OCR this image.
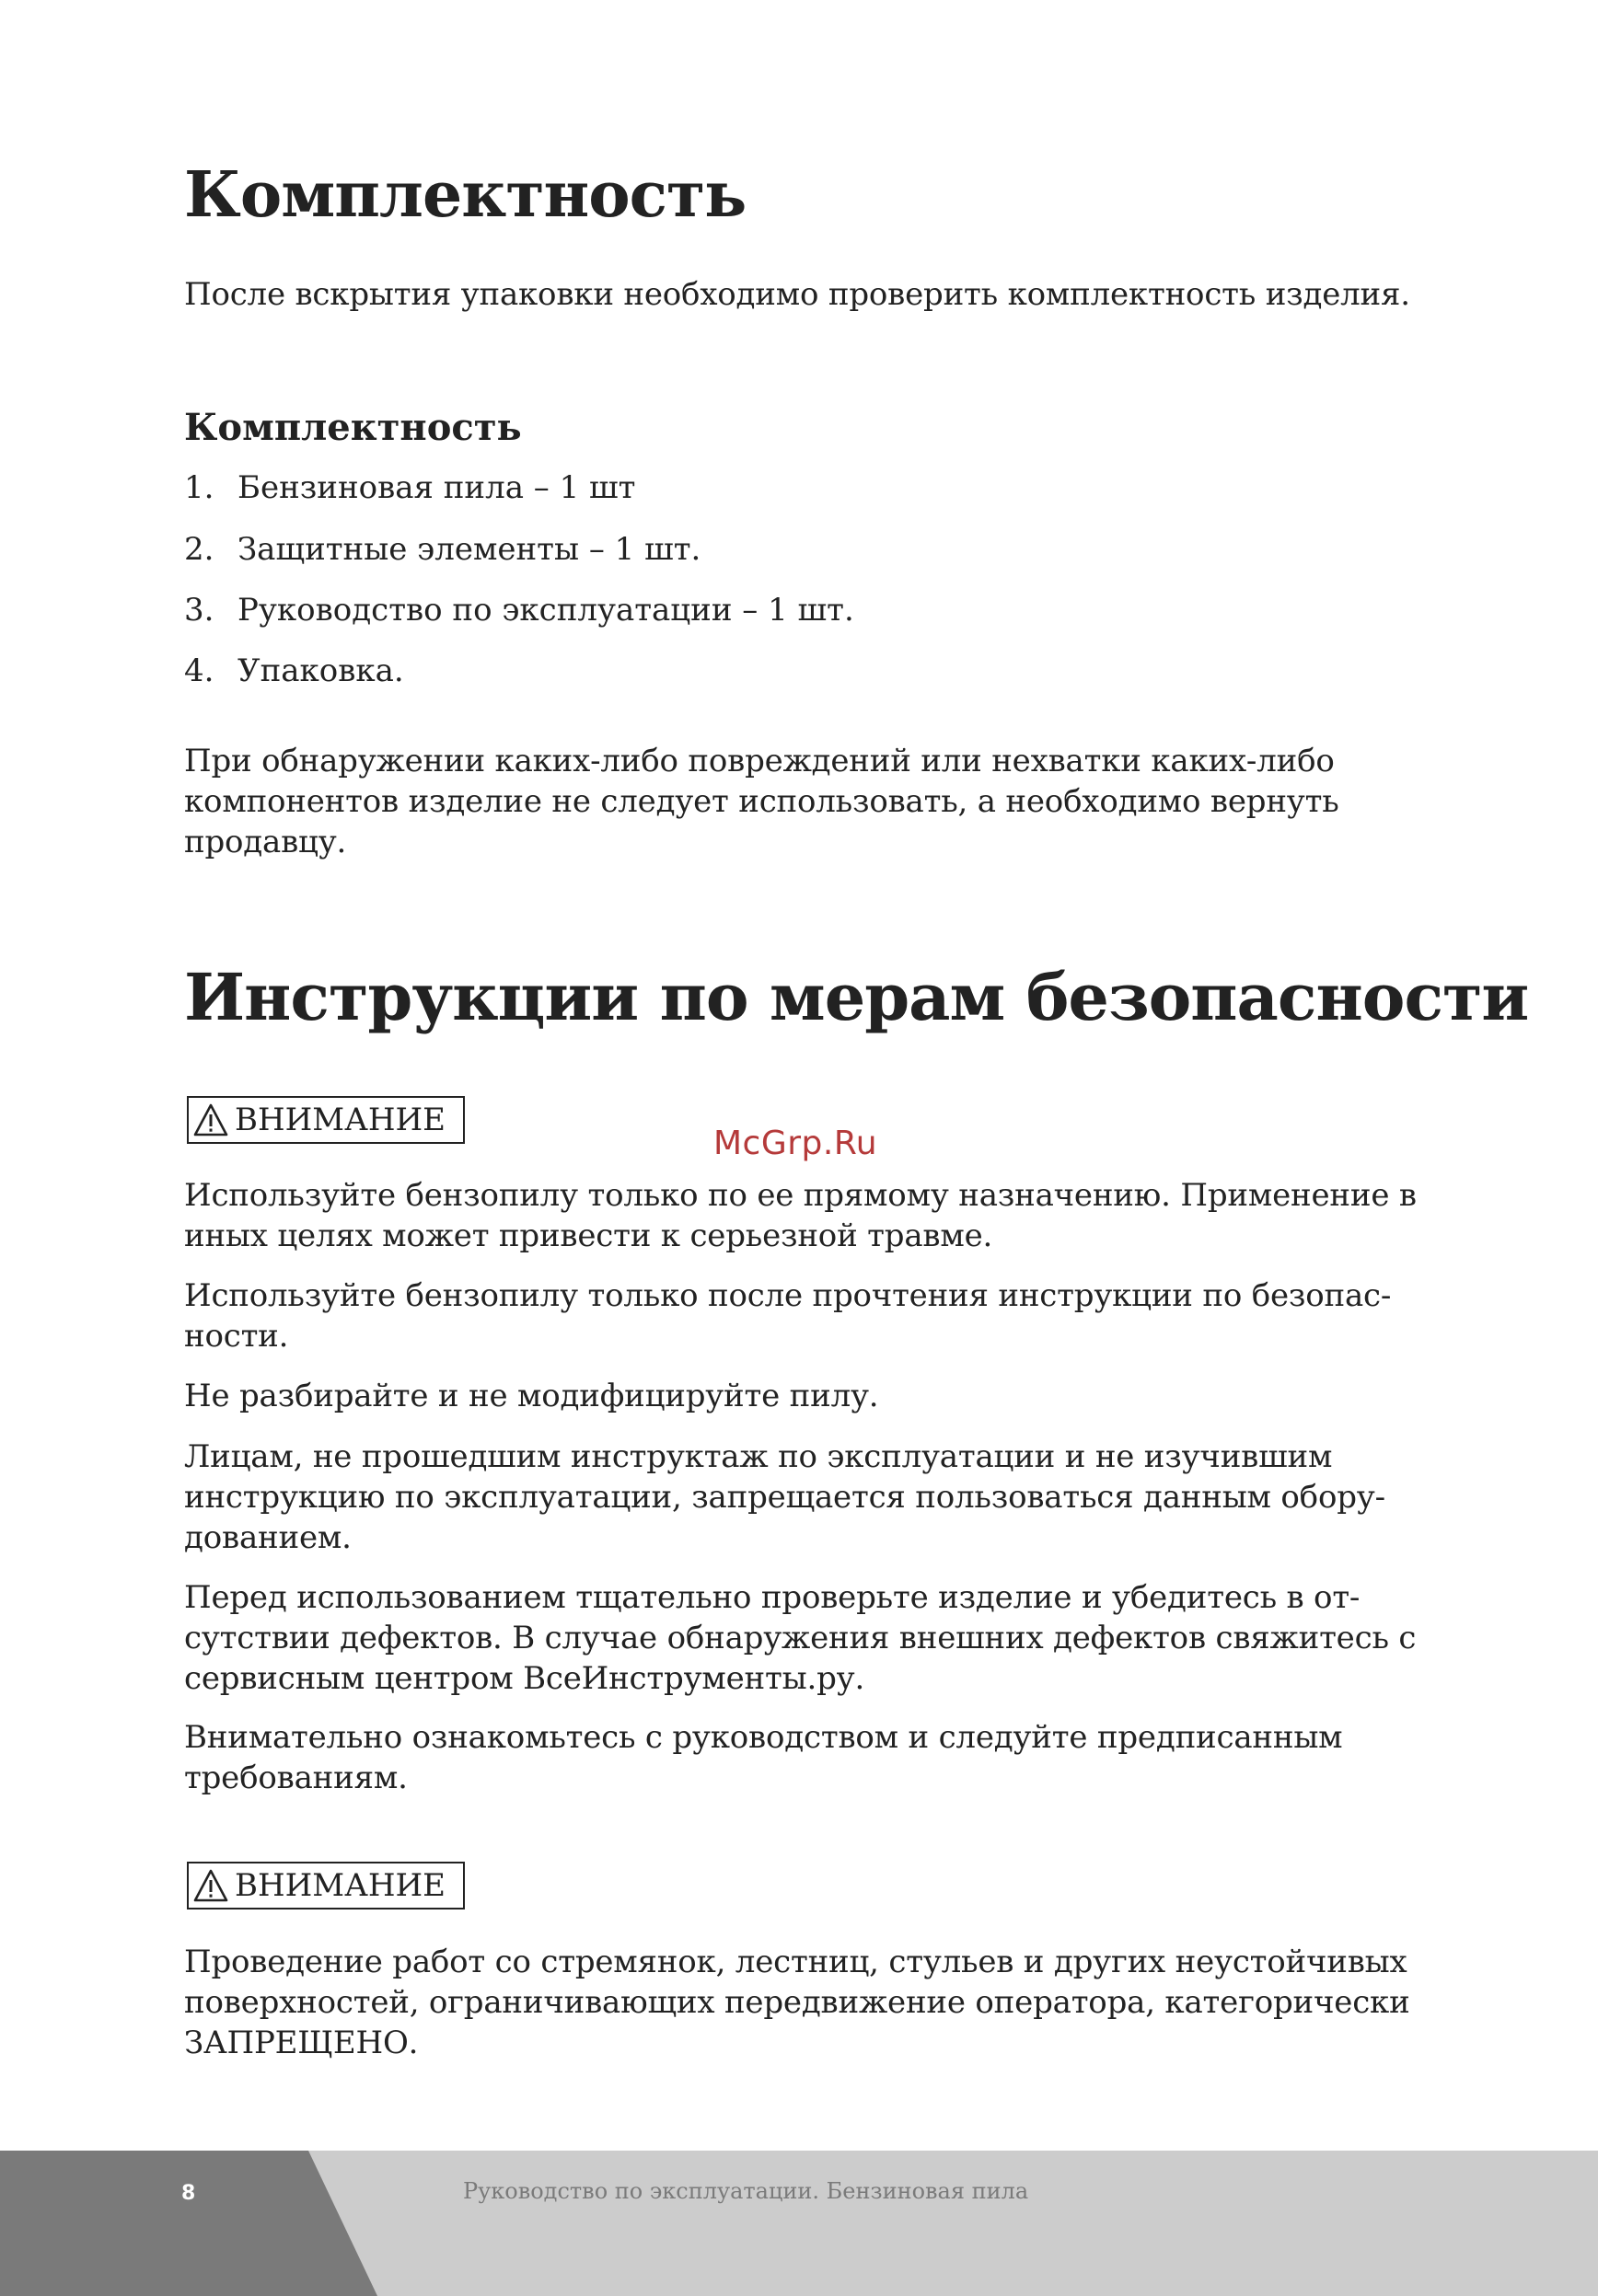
Комплектность

После вскрытия упаковки необходимо проверить комплектность изделия.

Комплектность
1. Бензиновая пила – 1 шт
2. Защитные элементы – 1 шт.
3. Руководство по эксплуатации – 1 шт.
4. Упаковка.

При обнаружении каких-либо повреждений или нехватки каких-либо компонентов изделие не следует использовать, а необходимо вернуть продавцу.

Инструкции по мерам безопасности
ВНИМАНИЕ
McGrp.Ru

Используйте бензопилу только по ее прямому назначению. Применение в иных целях может привести к серьезной травме.

Используйте бензопилу только после прочтения инструкции по безопас-ности.

Не разбирайте и не модифицируйте пилу.

Лицам, не прошедшим инструктаж по эксплуатации и не изучившим инструкцию по эксплуатации, запрещается пользоваться данным обору-дованием.

Перед использованием тщательно проверьте изделие и убедитесь в от-сутствии дефектов. В случае обнаружения внешних дефектов свяжитесь с сервисным центром ВсеИнструменты.ру.

Внимательно ознакомьтесь с руководством и следуйте предписанным требованиям.

ВНИМАНИЕ

Проведение работ со стремянок, лестниц, стульев и других неустойчивых поверхностей, ограничивающих передвижение оператора, категорически ЗАПРЕЩЕНО.

8	Руководство по эксплуатации. Бензиновая пила
